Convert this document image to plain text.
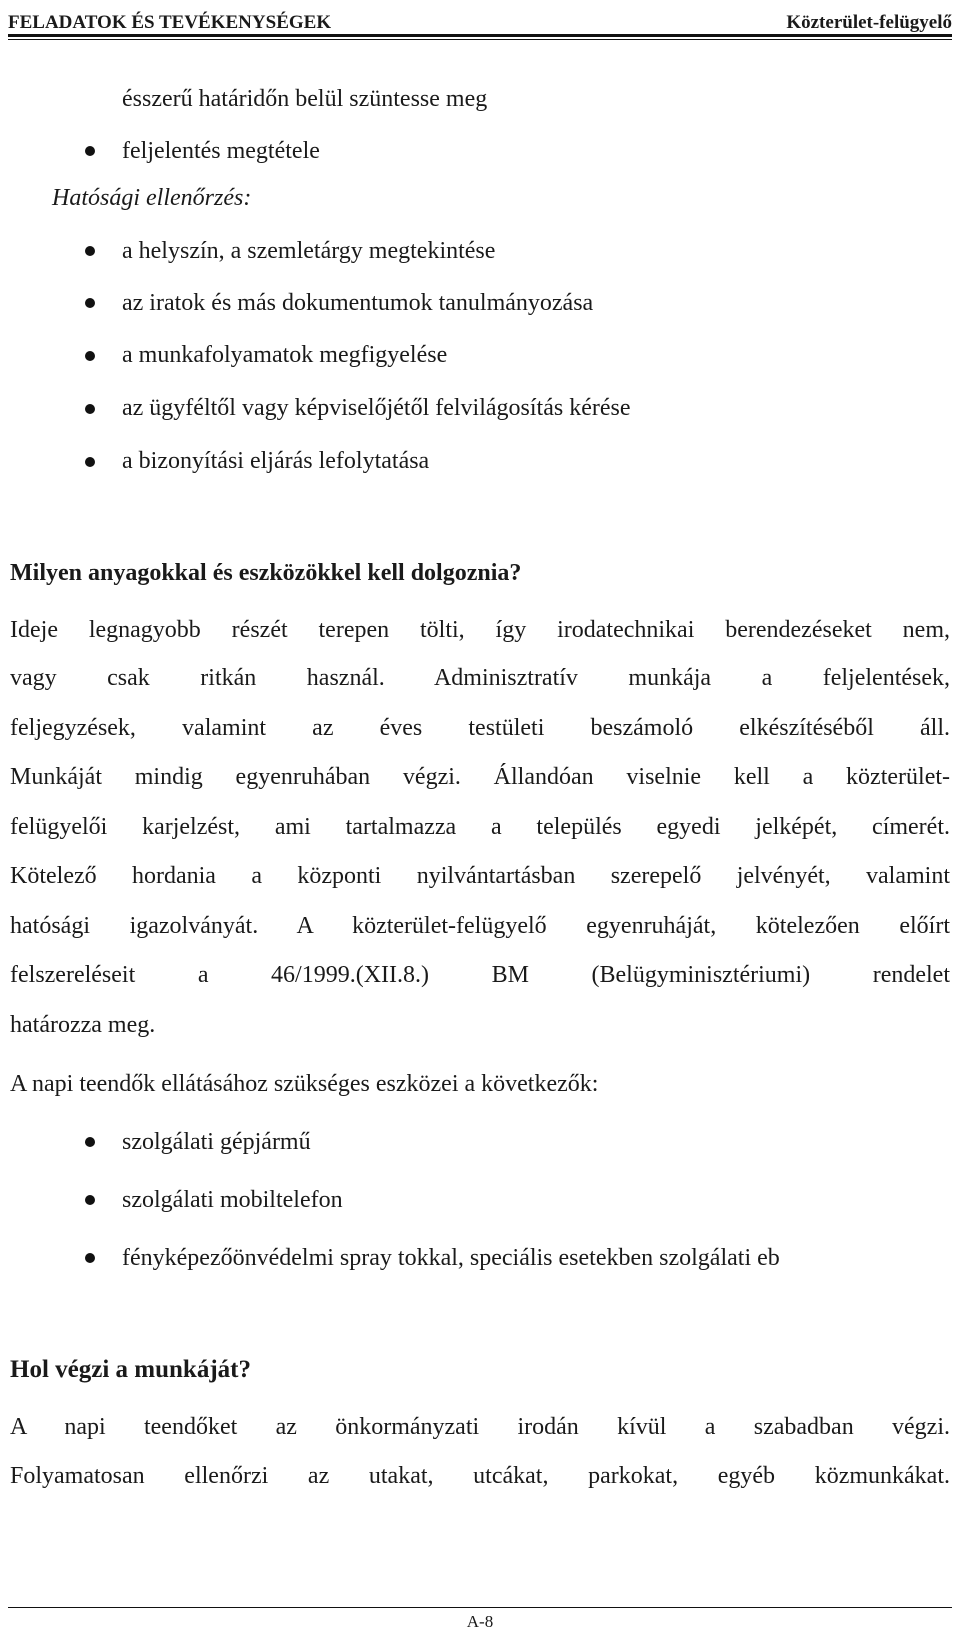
FELADATOK ÉS TEVÉKENYSÉGEK	Közterület-felügyelő
ésszerű határidőn belül szüntesse meg
feljelentés megtétele
Hatósági ellenőrzés:
a helyszín, a szemletárgy megtekintése
az iratok és más dokumentumok tanulmányozása
a munkafolyamatok megfigyelése
az ügyféltől vagy képviselőjétől felvilágosítás kérése
a bizonyítási eljárás lefolytatása
Milyen anyagokkal és eszközökkel kell dolgoznia?
Ideje legnagyobb részét terepen tölti, így irodatechnikai berendezéseket nem,
vagy csak ritkán használ. Adminisztratív munkája a feljelentések,
feljegyzések, valamint az éves testületi beszámoló elkészítéséből áll.
Munkáját mindig egyenruhában végzi. Állandóan viselnie kell a közterület-
felügyelői karjelzést, ami tartalmazza a település egyedi jelképét, címerét.
Kötelező hordania a központi nyilvántartásban szerepelő jelvényét, valamint
hatósági igazolványát. A közterület-felügyelő egyenruháját, kötelezően előírt
felszereléseit a 46/1999.(XII.8.) BM (Belügyminisztériumi) rendelet
határozza meg.
A napi teendők ellátásához szükséges eszközei a következők:
szolgálati gépjármű
szolgálati mobiltelefon
fényképezőönvédelmi spray tokkal, speciális esetekben szolgálati eb
Hol végzi a munkáját?
A napi teendőket az önkormányzati irodán kívül a szabadban végzi.
Folyamatosan ellenőrzi az utakat, utcákat, parkokat, egyéb közmunkákat.
A-8
